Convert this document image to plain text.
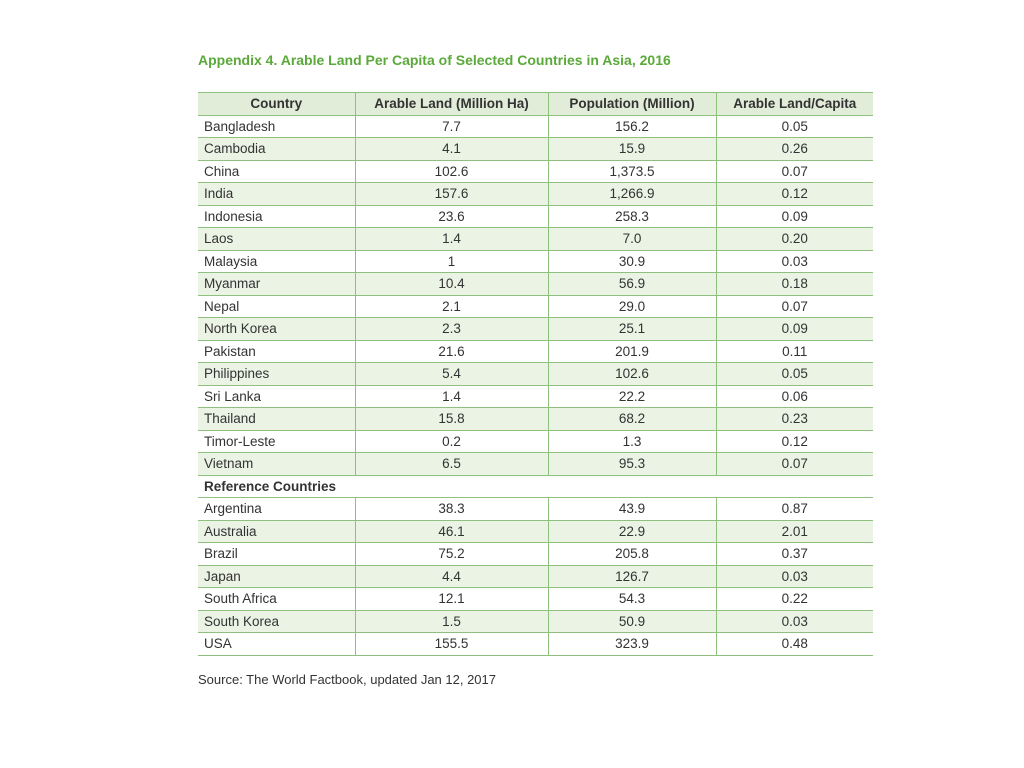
Appendix 4. Arable Land Per Capita of Selected Countries in Asia, 2016
Country	Arable Land (Million Ha)	Population (Million)	Arable Land/Capita
Bangladesh	7.7	156.2	0.05
Cambodia	4.1	15.9	0.26
China	102.6	1,373.5	0.07
India	157.6	1,266.9	0.12
Indonesia	23.6	258.3	0.09
Laos	1.4	7.0	0.20
Malaysia	1	30.9	0.03
Myanmar	10.4	56.9	0.18
Nepal	2.1	29.0	0.07
North Korea	2.3	25.1	0.09
Pakistan	21.6	201.9	0.11
Philippines	5.4	102.6	0.05
Sri Lanka	1.4	22.2	0.06
Thailand	15.8	68.2	0.23
Timor-Leste	0.2	1.3	0.12
Vietnam	6.5	95.3	0.07
Reference Countries			
Argentina	38.3	43.9	0.87
Australia	46.1	22.9	2.01
Brazil	75.2	205.8	0.37
Japan	4.4	126.7	0.03
South Africa	12.1	54.3	0.22
South Korea	1.5	50.9	0.03
USA	155.5	323.9	0.48
Source: The World Factbook, updated Jan 12, 2017
